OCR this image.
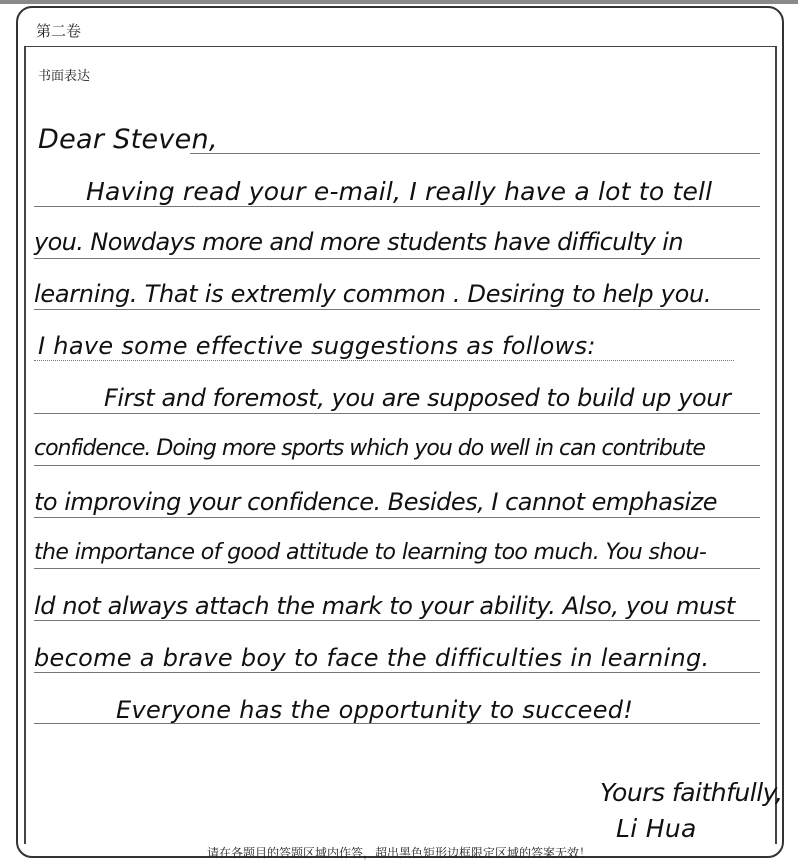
第二卷
书面表达
Dear Steven,
Having read your e-mail, I really have a lot to tell
you. Nowdays more and more students have difficulty in
learning. That is extremly common . Desiring to help you.
I have some effective suggestions as follows:
First and foremost, you are supposed to build up your
confidence. Doing more sports which you do well in can contribute
to improving your confidence. Besides, I cannot emphasize
the importance of good attitude to learning too much. You shou-
ld not always attach the mark to your ability. Also, you must
become a brave boy to face the difficulties in learning.
Everyone has the opportunity to succeed!
Yours faithfully,
Li Hua
请在各题目的答题区域内作答，超出黑色矩形边框限定区域的答案无效！
